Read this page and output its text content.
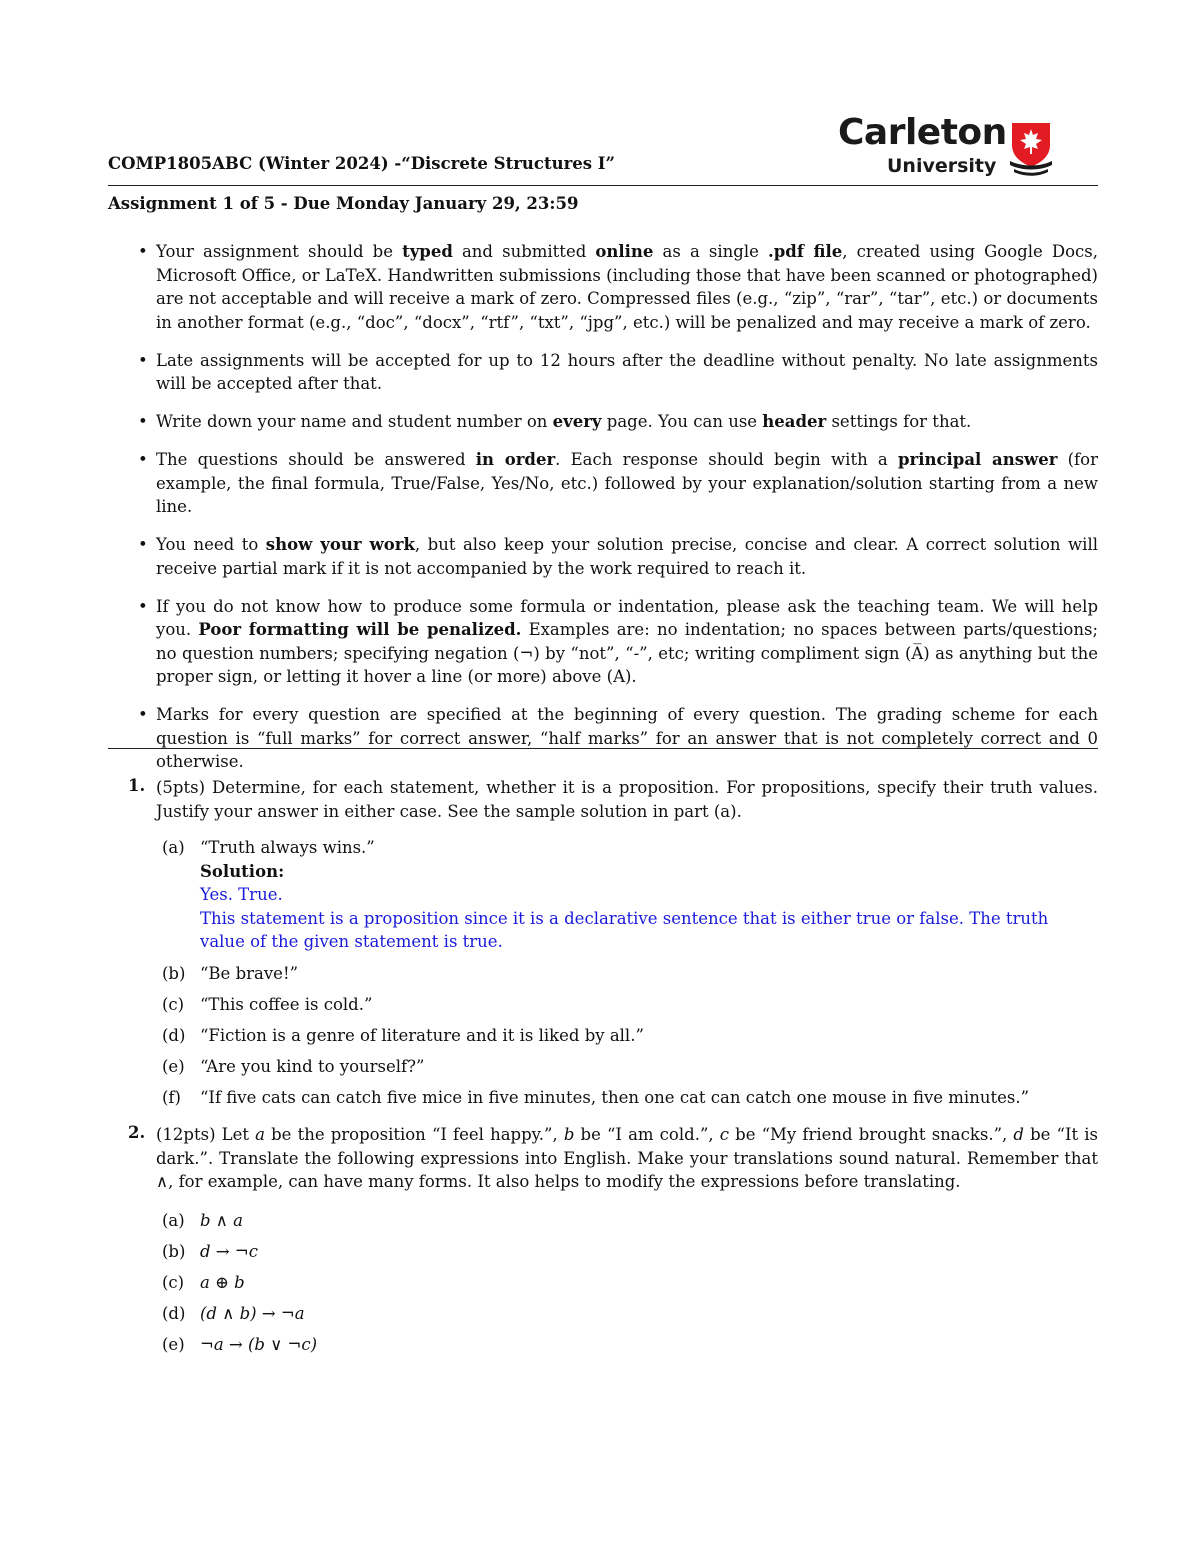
Carleton
University
COMP1805ABC (Winter 2024) -“Discrete Structures I”
Assignment 1 of 5 - Due Monday January 29, 23:59
• Your assignment should be typed and submitted online as a single .pdf file, created using Google Docs, Microsoft Office, or LaTeX. Handwritten submissions (including those that have been scanned or photographed) are not acceptable and will receive a mark of zero. Compressed files (e.g., “zip”, “rar”, “tar”, etc.) or documents in another format (e.g., “doc”, “docx”, “rtf”, “txt”, “jpg”, etc.) will be penalized and may receive a mark of zero.
• Late assignments will be accepted for up to 12 hours after the deadline without penalty. No late assignments will be accepted after that.
• Write down your name and student number on every page. You can use header settings for that.
• The questions should be answered in order. Each response should begin with a principal answer (for example, the final formula, True/False, Yes/No, etc.) followed by your explanation/solution starting from a new line.
• You need to show your work, but also keep your solution precise, concise and clear. A correct solution will receive partial mark if it is not accompanied by the work required to reach it.
• If you do not know how to produce some formula or indentation, please ask the teaching team. We will help you. Poor formatting will be penalized. Examples are: no indentation; no spaces between parts/questions; no question numbers; specifying negation (¬) by “not”, “-”, etc; writing compliment sign (A̅) as anything but the proper sign, or letting it hover a line (or more) above (A).
• Marks for every question are specified at the beginning of every question. The grading scheme for each question is “full marks” for correct answer, “half marks” for an answer that is not completely correct and 0 otherwise.
1. (5pts) Determine, for each statement, whether it is a proposition. For propositions, specify their truth values. Justify your answer in either case. See the sample solution in part (a).
(a) “Truth always wins.”
Solution:
Yes. True.
This statement is a proposition since it is a declarative sentence that is either true or false. The truth value of the given statement is true.
(b) “Be brave!”
(c) “This coffee is cold.”
(d) “Fiction is a genre of literature and it is liked by all.”
(e) “Are you kind to yourself?”
(f) “If five cats can catch five mice in five minutes, then one cat can catch one mouse in five minutes.”
2. (12pts) Let a be the proposition “I feel happy.”, b be “I am cold.”, c be “My friend brought snacks.”, d be “It is dark.”. Translate the following expressions into English. Make your translations sound natural. Remember that ∧, for example, can have many forms. It also helps to modify the expressions before translating.
(a) b ∧ a
(b) d → ¬c
(c) a ⊕ b
(d) (d ∧ b) → ¬a
(e) ¬a → (b ∨ ¬c)
